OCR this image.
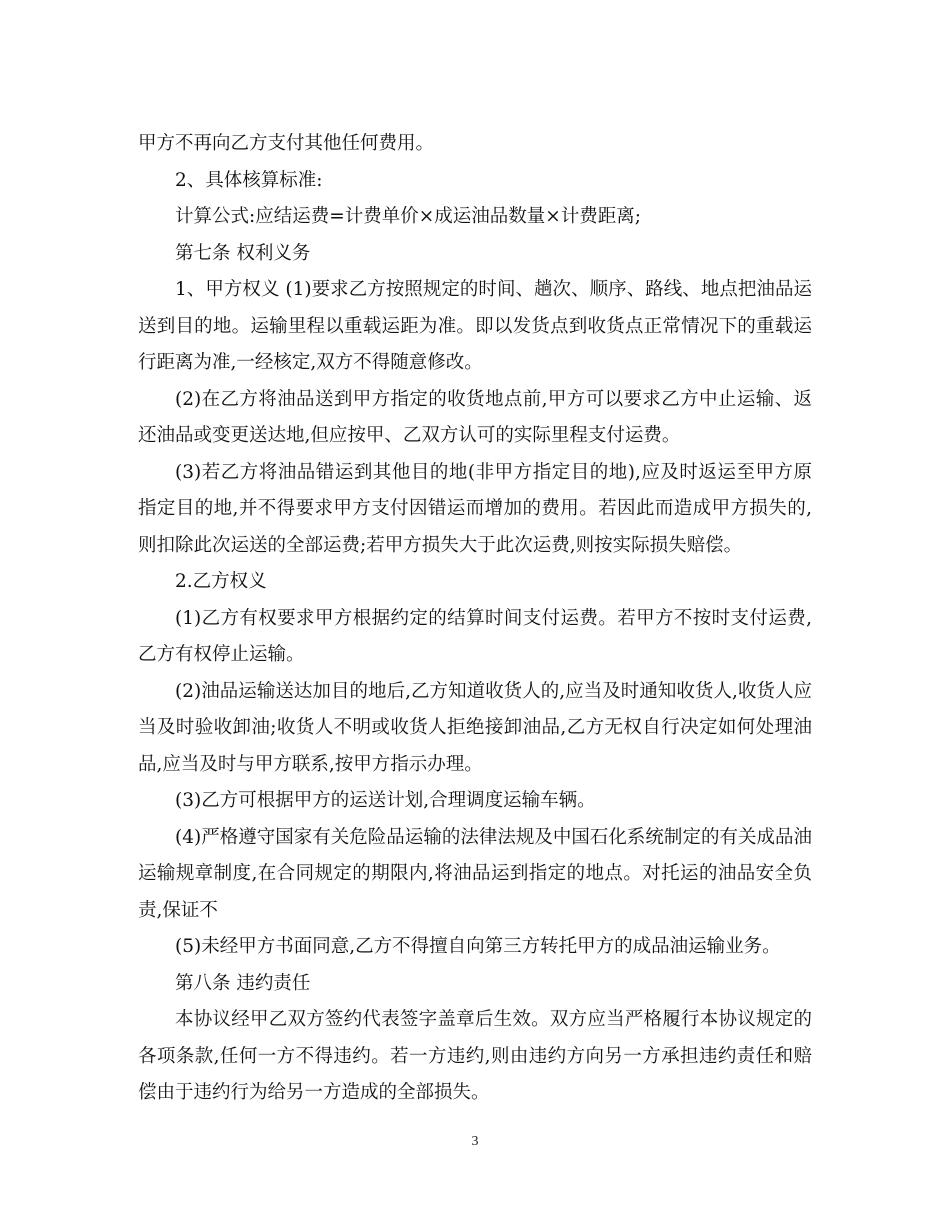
甲方不再向乙方支付其他任何费用。

2、具体核算标准:

计算公式:应结运费=计费单价×成运油品数量×计费距离;

第七条 权利义务

1、甲方权义 (1)要求乙方按照规定的时间、趟次、顺序、路线、地点把油品运送到目的地。运输里程以重载运距为准。即以发货点到收货点正常情况下的重载运行距离为准,一经核定,双方不得随意修改。

(2)在乙方将油品送到甲方指定的收货地点前,甲方可以要求乙方中止运输、返还油品或变更送达地,但应按甲、乙双方认可的实际里程支付运费。

(3)若乙方将油品错运到其他目的地(非甲方指定目的地),应及时返运至甲方原指定目的地,并不得要求甲方支付因错运而增加的费用。若因此而造成甲方损失的,则扣除此次运送的全部运费;若甲方损失大于此次运费,则按实际损失赔偿。

2.乙方权义

(1)乙方有权要求甲方根据约定的结算时间支付运费。若甲方不按时支付运费,乙方有权停止运输。

(2)油品运输送达加目的地后,乙方知道收货人的,应当及时通知收货人,收货人应当及时验收卸油;收货人不明或收货人拒绝接卸油品,乙方无权自行决定如何处理油品,应当及时与甲方联系,按甲方指示办理。

(3)乙方可根据甲方的运送计划,合理调度运输车辆。

(4)严格遵守国家有关危险品运输的法律法规及中国石化系统制定的有关成品油运输规章制度,在合同规定的期限内,将油品运到指定的地点。对托运的油品安全负责,保证不

(5)未经甲方书面同意,乙方不得擅自向第三方转托甲方的成品油运输业务。

第八条 违约责任

本协议经甲乙双方签约代表签字盖章后生效。双方应当严格履行本协议规定的各项条款,任何一方不得违约。若一方违约,则由违约方向另一方承担违约责任和赔偿由于违约行为给另一方造成的全部损失。

3
